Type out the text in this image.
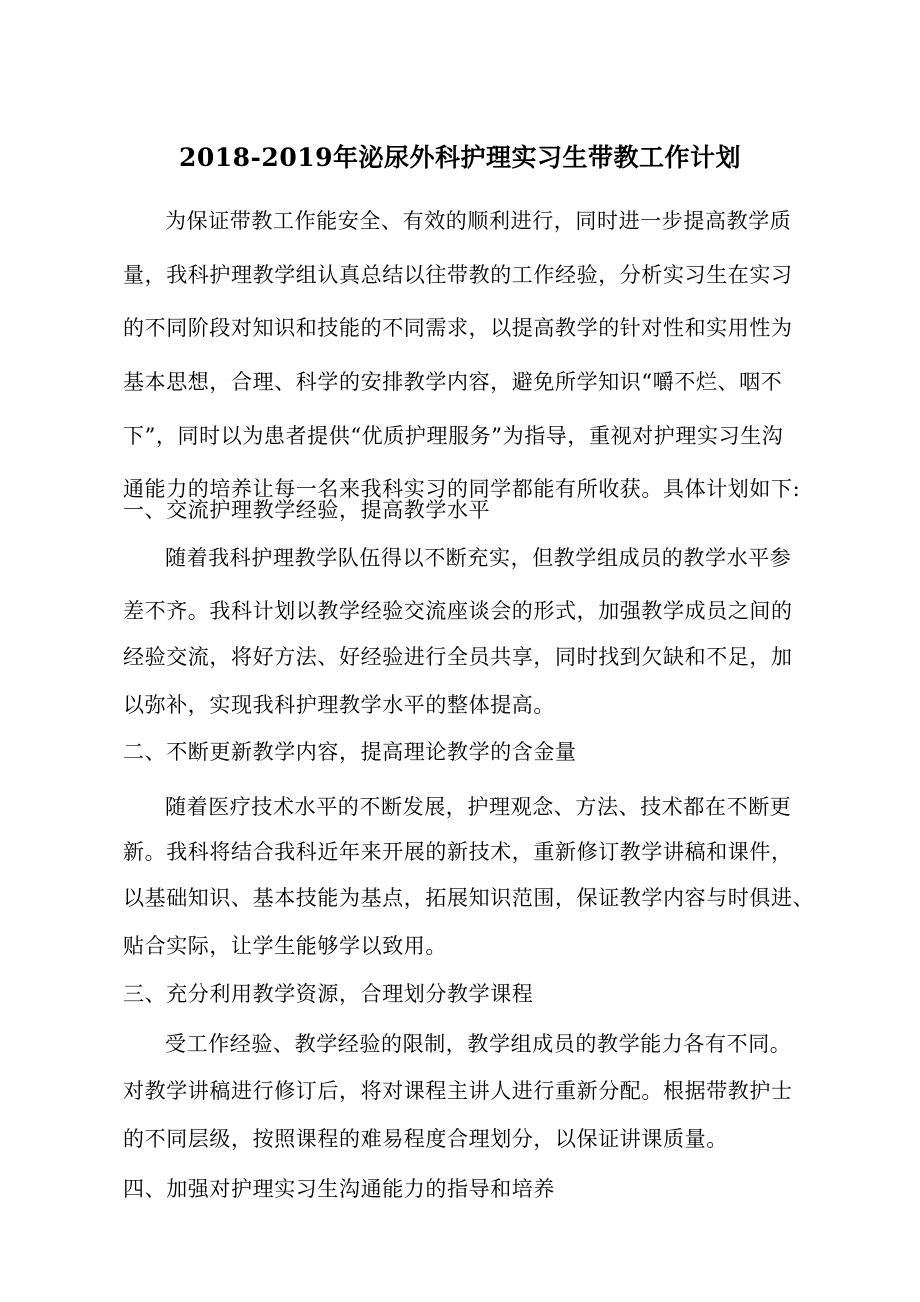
2018-2019年泌尿外科护理实习生带教工作计划
为保证带教工作能安全、有效的顺利进行，同时进一步提高教学质
量，我科护理教学组认真总结以往带教的工作经验，分析实习生在实习
的不同阶段对知识和技能的不同需求，以提高教学的针对性和实用性为
基本思想，合理、科学的安排教学内容，避免所学知识“嚼不烂、咽不
下”，同时以为患者提供“优质护理服务”为指导，重视对护理实习生沟
通能力的培养让每一名来我科实习的同学都能有所收获。具体计划如下:
一、交流护理教学经验，提高教学水平
随着我科护理教学队伍得以不断充实，但教学组成员的教学水平参
差不齐。我科计划以教学经验交流座谈会的形式，加强教学成员之间的
经验交流，将好方法、好经验进行全员共享，同时找到欠缺和不足，加
以弥补，实现我科护理教学水平的整体提高。
二、不断更新教学内容，提高理论教学的含金量
随着医疗技术水平的不断发展，护理观念、方法、技术都在不断更
新。我科将结合我科近年来开展的新技术，重新修订教学讲稿和课件，
以基础知识、基本技能为基点，拓展知识范围，保证教学内容与时俱进、
贴合实际，让学生能够学以致用。
三、充分利用教学资源，合理划分教学课程
受工作经验、教学经验的限制，教学组成员的教学能力各有不同。
对教学讲稿进行修订后，将对课程主讲人进行重新分配。根据带教护士
的不同层级，按照课程的难易程度合理划分，以保证讲课质量。
四、加强对护理实习生沟通能力的指导和培养
